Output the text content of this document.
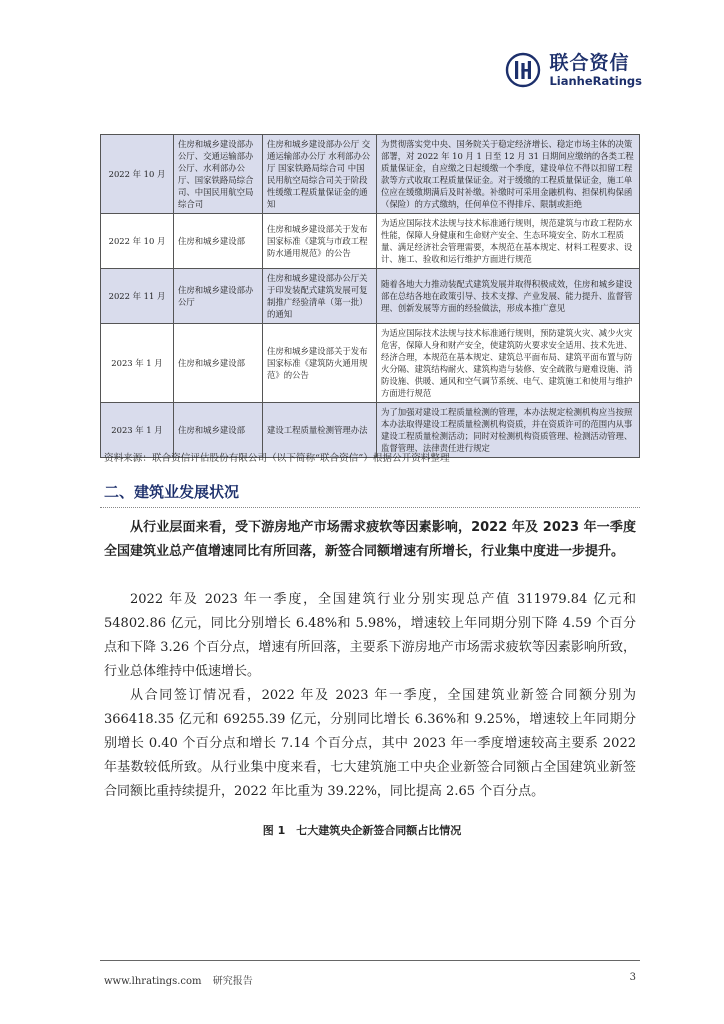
联合资信
LianheRatings
2022 年 10 月	住房和城乡建设部办公厅、交通运输部办公厅、水利部办公厅、国家铁路局综合司、中国民用航空局综合司	住房和城乡建设部办公厅 交通运输部办公厅 水利部办公厅 国家铁路局综合司 中国民用航空局综合司关于阶段性缓缴工程质量保证金的通知	为贯彻落实党中央、国务院关于稳定经济增长、稳定市场主体的决策部署，对 2022 年 10 月 1 日至 12 月 31 日期间应缴纳的各类工程质量保证金，自应缴之日起缓缴一个季度，建设单位不得以扣留工程款等方式收取工程质量保证金。对于缓缴的工程质量保证金，施工单位应在缓缴期满后及时补缴。补缴时可采用金融机构、担保机构保函（保险）的方式缴纳，任何单位不得排斥、限制或拒绝
2022 年 10 月	住房和城乡建设部	住房和城乡建设部关于发布国家标准《建筑与市政工程防水通用规范》的公告	为适应国际技术法规与技术标准通行规则，规范建筑与市政工程防水性能，保障人身健康和生命财产安全、生态环境安全、防水工程质量、满足经济社会管理需要，本规范在基本规定、材料工程要求、设计、施工、验收和运行维护方面进行规范
2022 年 11 月	住房和城乡建设部办公厅	住房和城乡建设部办公厅关于印发装配式建筑发展可复制推广经验清单（第一批）的通知	随着各地大力推动装配式建筑发展并取得积极成效，住房和城乡建设部在总结各地在政策引导、技术支撑、产业发展、能力提升、监督管理、创新发展等方面的经验做法，形成本推广意见
2023 年 1 月	住房和城乡建设部	住房和城乡建设部关于发布国家标准《建筑防火通用规范》的公告	为适应国际技术法规与技术标准通行规则，预防建筑火灾、减少火灾危害，保障人身和财产安全，使建筑防火要求安全适用、技术先进、经济合理，本规范在基本规定、建筑总平面布局、建筑平面布置与防火分隔、建筑结构耐火、建筑构造与装修、安全疏散与避难设施、消防设施、供暖、通风和空气调节系统、电气、建筑施工和使用与维护方面进行规范
2023 年 1 月	住房和城乡建设部	建设工程质量检测管理办法	为了加强对建设工程质量检测的管理，本办法规定检测机构应当按照本办法取得建设工程质量检测机构资质，并在资质许可的范围内从事建设工程质量检测活动；同时对检测机构资质管理、检测活动管理、监督管理、法律责任进行规定
资料来源：联合资信评估股份有限公司（以下简称“联合资信”）根据公开资料整理
二、建筑业发展状况

从行业层面来看，受下游房地产市场需求疲软等因素影响，2022 年及 2023 年一季度全国建筑业总产值增速同比有所回落，新签合同额增速有所增长，行业集中度进一步提升。

2022 年及 2023 年一季度，全国建筑行业分别实现总产值 311979.84 亿元和 54802.86 亿元，同比分别增长 6.48%和 5.98%，增速较上年同期分别下降 4.59 个百分点和下降 3.26 个百分点，增速有所回落，主要系下游房地产市场需求疲软等因素影响所致，行业总体维持中低速增长。

从合同签订情况看，2022 年及 2023 年一季度，全国建筑业新签合同额分别为 366418.35 亿元和 69255.39 亿元，分别同比增长 6.36%和 9.25%，增速较上年同期分别增长 0.40 个百分点和增长 7.14 个百分点，其中 2023 年一季度增速较高主要系 2022 年基数较低所致。从行业集中度来看，七大建筑施工中央企业新签合同额占全国建筑业新签合同额比重持续提升，2022 年比重为 39.22%，同比提高 2.65 个百分点。

图 1　七大建筑央企新签合同额占比情况
www.lhratings.com 研究报告	3
